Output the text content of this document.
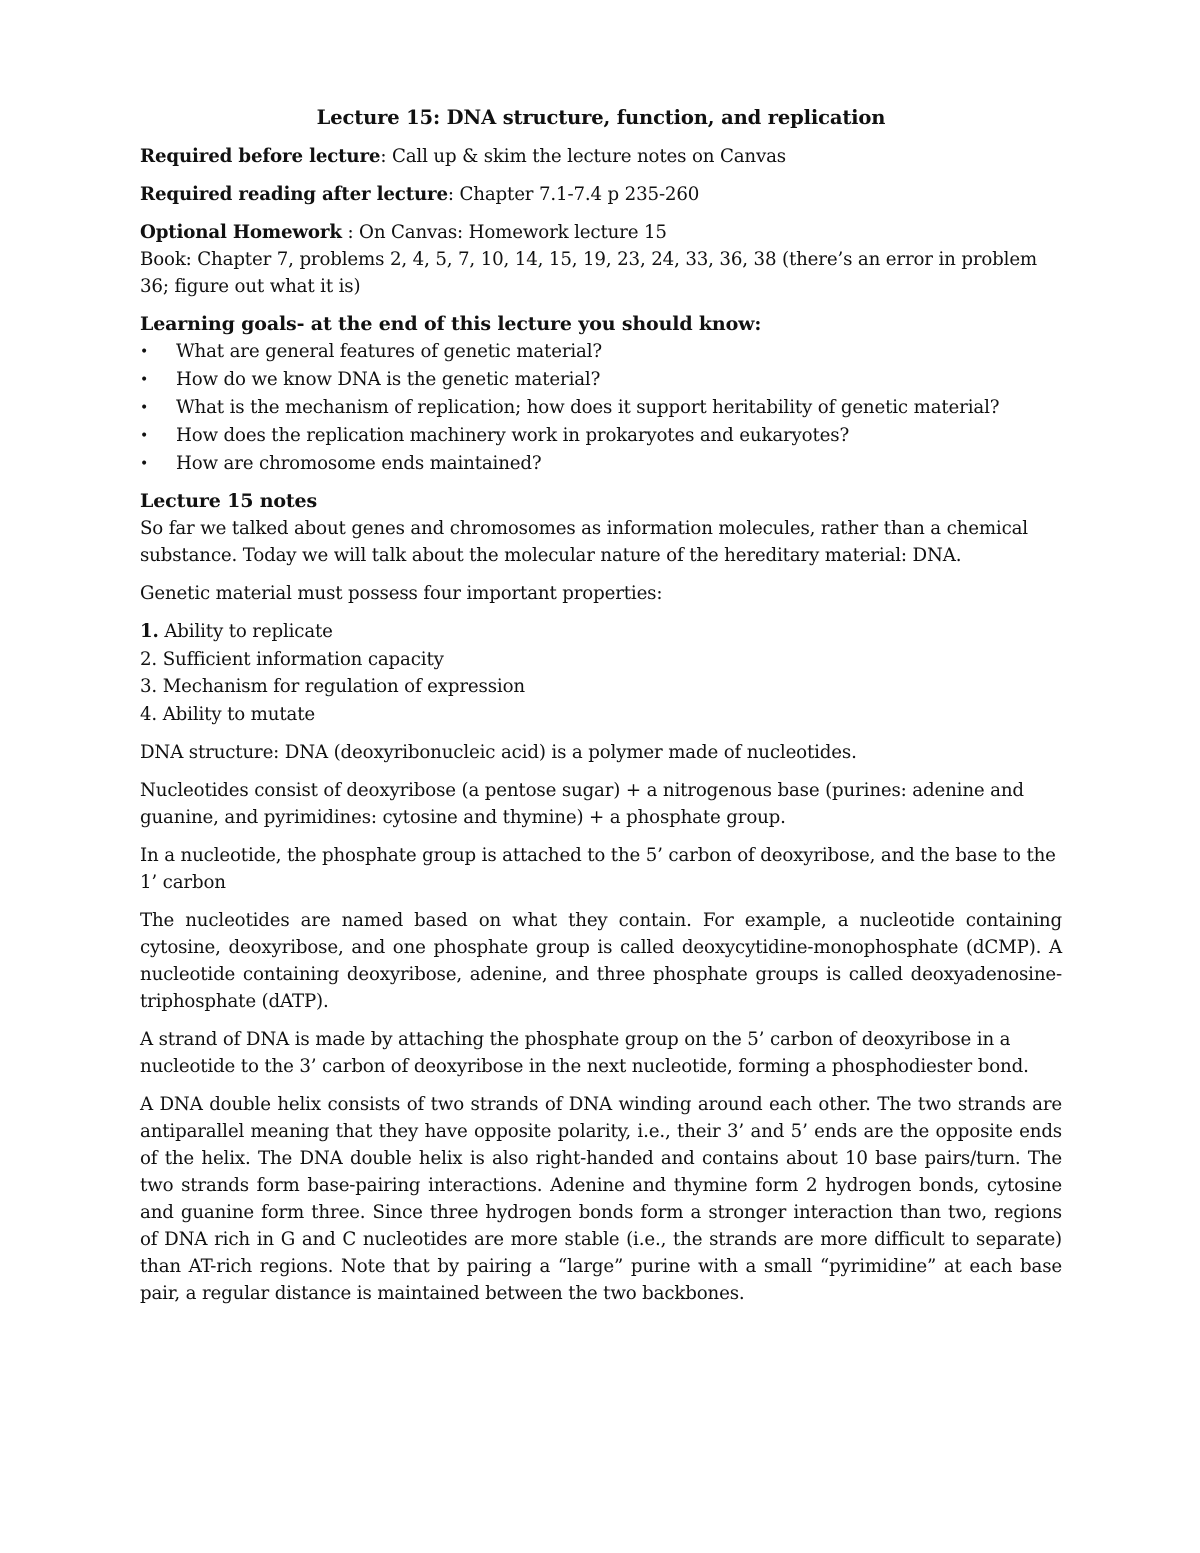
Lecture 15: DNA structure, function, and replication

Required before lecture: Call up & skim the lecture notes on Canvas

Required reading after lecture: Chapter 7.1-7.4 p 235-260

Optional Homework : On Canvas: Homework lecture 15
Book: Chapter 7, problems 2, 4, 5, 7, 10, 14, 15, 19, 23, 24, 33, 36, 38 (there’s an error in problem 36; figure out what it is)

Learning goals- at the end of this lecture you should know:

• What are general features of genetic material?
• How do we know DNA is the genetic material?
• What is the mechanism of replication; how does it support heritability of genetic material?
• How does the replication machinery work in prokaryotes and eukaryotes?
• How are chromosome ends maintained?

Lecture 15 notes

So far we talked about genes and chromosomes as information molecules, rather than a chemical substance. Today we will talk about the molecular nature of the hereditary material: DNA.

Genetic material must possess four important properties:

1. Ability to replicate
2. Sufficient information capacity
3. Mechanism for regulation of expression
4. Ability to mutate

DNA structure: DNA (deoxyribonucleic acid) is a polymer made of nucleotides.

Nucleotides consist of deoxyribose (a pentose sugar) + a nitrogenous base (purines: adenine and guanine, and pyrimidines: cytosine and thymine) + a phosphate group.

In a nucleotide, the phosphate group is attached to the 5’ carbon of deoxyribose, and the base to the 1’ carbon

The nucleotides are named based on what they contain. For example, a nucleotide containing cytosine, deoxyribose, and one phosphate group is called deoxycytidine-monophosphate (dCMP). A nucleotide containing deoxyribose, adenine, and three phosphate groups is called deoxyadenosine-triphosphate (dATP).

A strand of DNA is made by attaching the phosphate group on the 5’ carbon of deoxyribose in a nucleotide to the 3’ carbon of deoxyribose in the next nucleotide, forming a phosphodiester bond.

A DNA double helix consists of two strands of DNA winding around each other. The two strands are antiparallel meaning that they have opposite polarity, i.e., their 3’ and 5’ ends are the opposite ends of the helix. The DNA double helix is also right-handed and contains about 10 base pairs/turn. The two strands form base-pairing interactions. Adenine and thymine form 2 hydrogen bonds, cytosine and guanine form three. Since three hydrogen bonds form a stronger interaction than two, regions of DNA rich in G and C nucleotides are more stable (i.e., the strands are more difficult to separate) than AT-rich regions. Note that by pairing a “large” purine with a small “pyrimidine” at each base pair, a regular distance is maintained between the two backbones.
